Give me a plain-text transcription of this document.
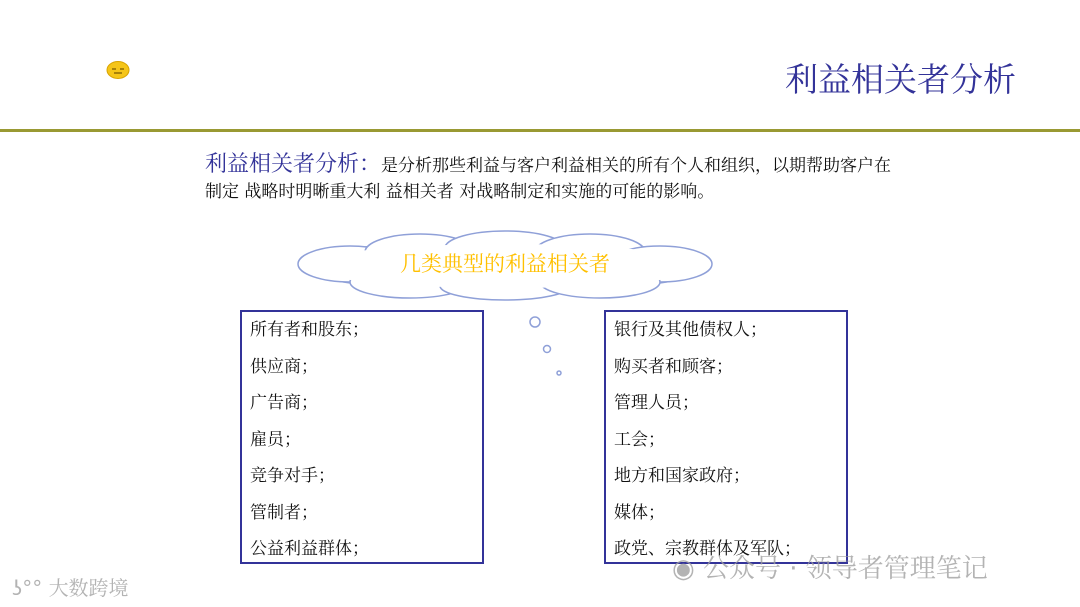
利益相关者分析
利益相关者分析：是分析那些利益与客户利益相关的所有个人和组织，以期帮助客户在制定 战略时明晰重大利 益相关者 对战略制定和实施的可能的影响。
几类典型的利益相关者
所有者和股东；
供应商；
广告商；
雇员；
竞争对手；
管制者；
公益利益群体；
银行及其他债权人；
购买者和顾客；
管理人员；
工会；
地方和国家政府；
媒体；
政党、宗教群体及军队；
ʖ°° 大数跨境
◉ 公众号 · 领导者管理笔记
